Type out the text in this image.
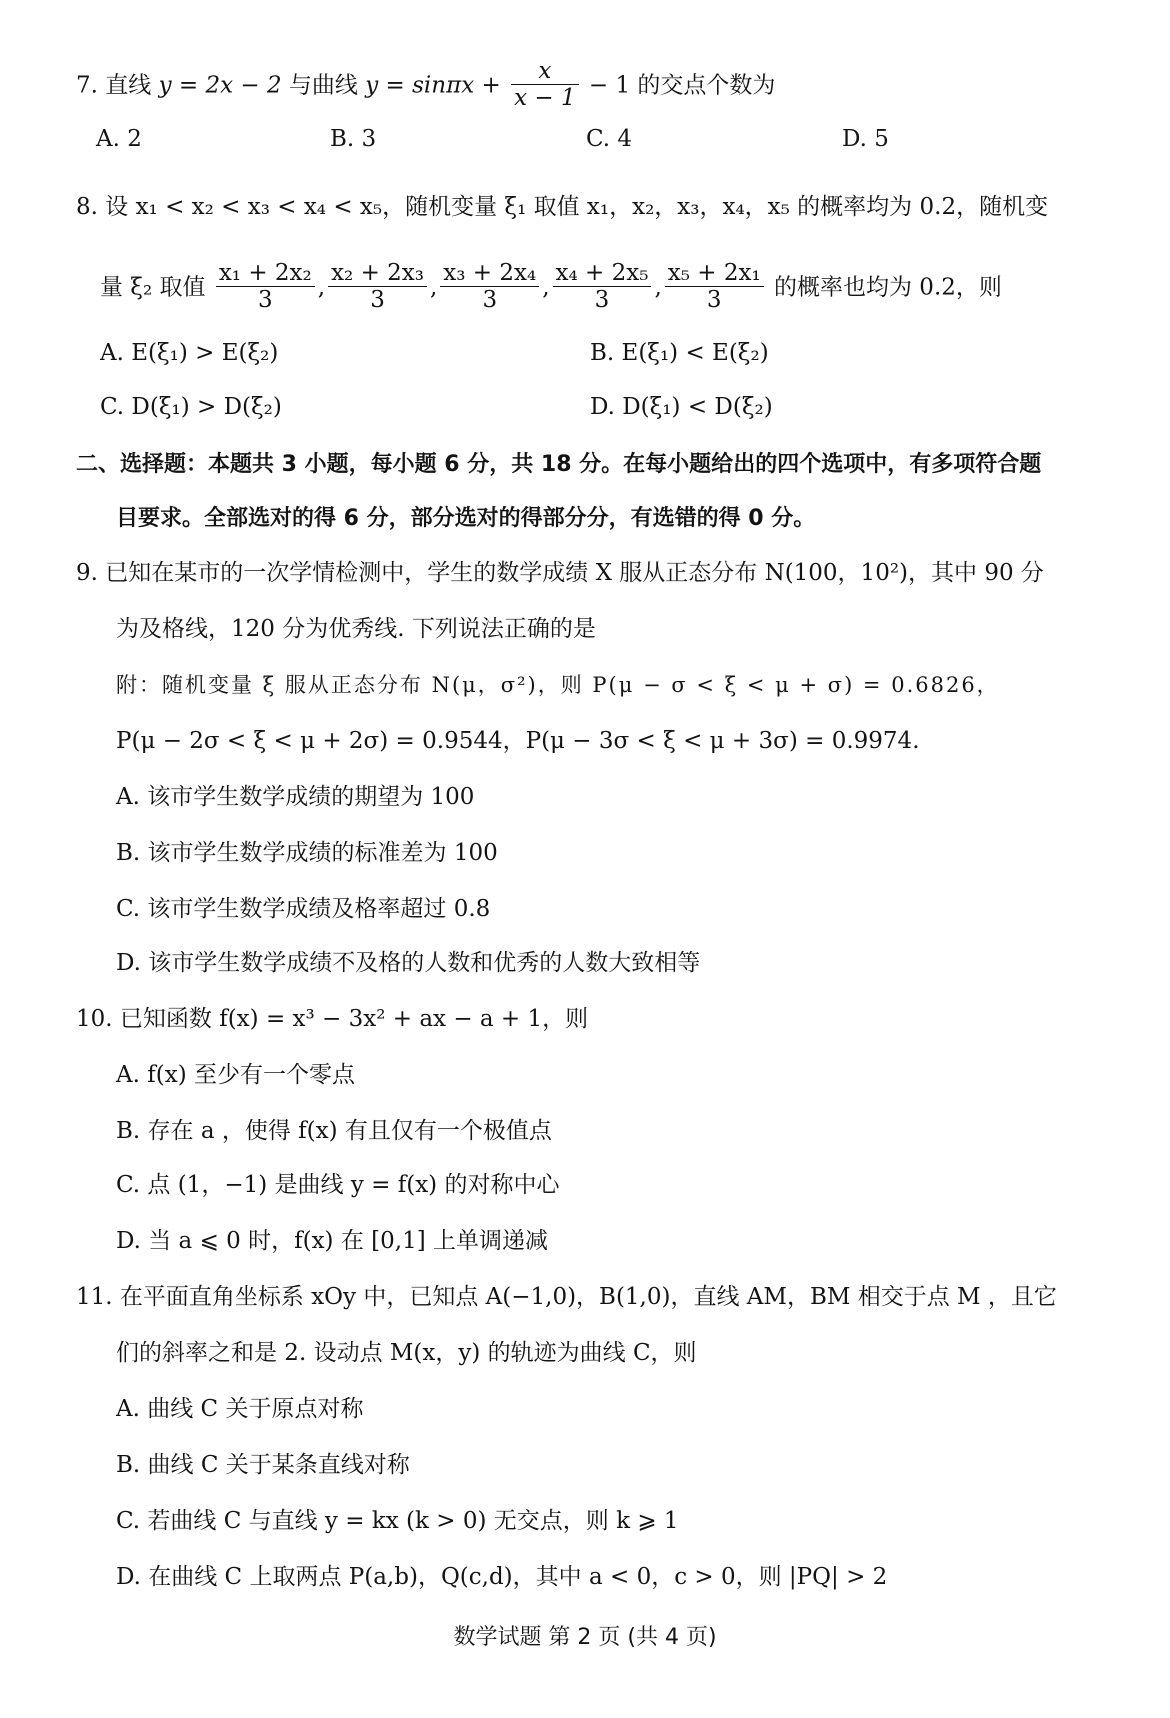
7. 直线 y = 2x − 2 与曲线 $y = \sin\pi x + \frac{x}{x - 1} - 1$ 的交点个数为
A. 2	B. 3	C. 4	D. 5
8. 设 x₁ < x₂ < x₃ < x₄ < x₅，随机变量 ξ₁ 取值 x₁，x₂，x₃，x₄，x₅ 的概率均为 0.2，随机变
量 ξ₂ 取值 $\frac{\text{x₁ + 2x₂}}{3}$ , $\frac{\text{x₂ + 2x₃}}{3}$ , $\frac{\text{x₃ + 2x₄}}{3}$ , $\frac{\text{x₄ + 2x₅}}{3}$ , $\frac{\text{x₅ + 2x₁}}{3}$ 的概率也均为 0.2，则
A. E(ξ₁) > E(ξ₂)	B. E(ξ₁) < E(ξ₂)
C. D(ξ₁) > D(ξ₂)	D. D(ξ₁) < D(ξ₂)
二、选择题：本题共 3 小题，每小题 6 分，共 18 分。在每小题给出的四个选项中，有多项符合题
目要求。全部选对的得 6 分，部分选对的得部分分，有选错的得 0 分。
9. 已知在某市的一次学情检测中，学生的数学成绩 X 服从正态分布 N(100，10²)，其中 90 分
为及格线，120 分为优秀线. 下列说法正确的是
附：随机变量 ξ 服从正态分布 N(μ，σ²)，则 P(μ − σ < ξ < μ + σ) = 0.6826，
P(μ − 2σ < ξ < μ + 2σ) = 0.9544，P(μ − 3σ < ξ < μ + 3σ) = 0.9974.
A. 该市学生数学成绩的期望为 100
B. 该市学生数学成绩的标准差为 100
C. 该市学生数学成绩及格率超过 0.8
D. 该市学生数学成绩不及格的人数和优秀的人数大致相等
10. 已知函数 f(x) = x³ − 3x² + ax − a + 1，则
A. f(x) 至少有一个零点
B. 存在 a ，使得 f(x) 有且仅有一个极值点
C. 点 (1，−1) 是曲线 y = f(x) 的对称中心
D. 当 a ⩽ 0 时，f(x) 在 [0,1] 上单调递减
11. 在平面直角坐标系 xOy 中，已知点 A(−1,0)，B(1,0)，直线 AM，BM 相交于点 M ，且它
们的斜率之和是 2. 设动点 M(x，y) 的轨迹为曲线 C，则
A. 曲线 C 关于原点对称
B. 曲线 C 关于某条直线对称
C. 若曲线 C 与直线 y = kx (k > 0) 无交点，则 k ⩾ 1
D. 在曲线 C 上取两点 P(a,b)，Q(c,d)，其中 a < 0，c > 0，则 |PQ| > 2
数学试题 第 2 页 (共 4 页)
